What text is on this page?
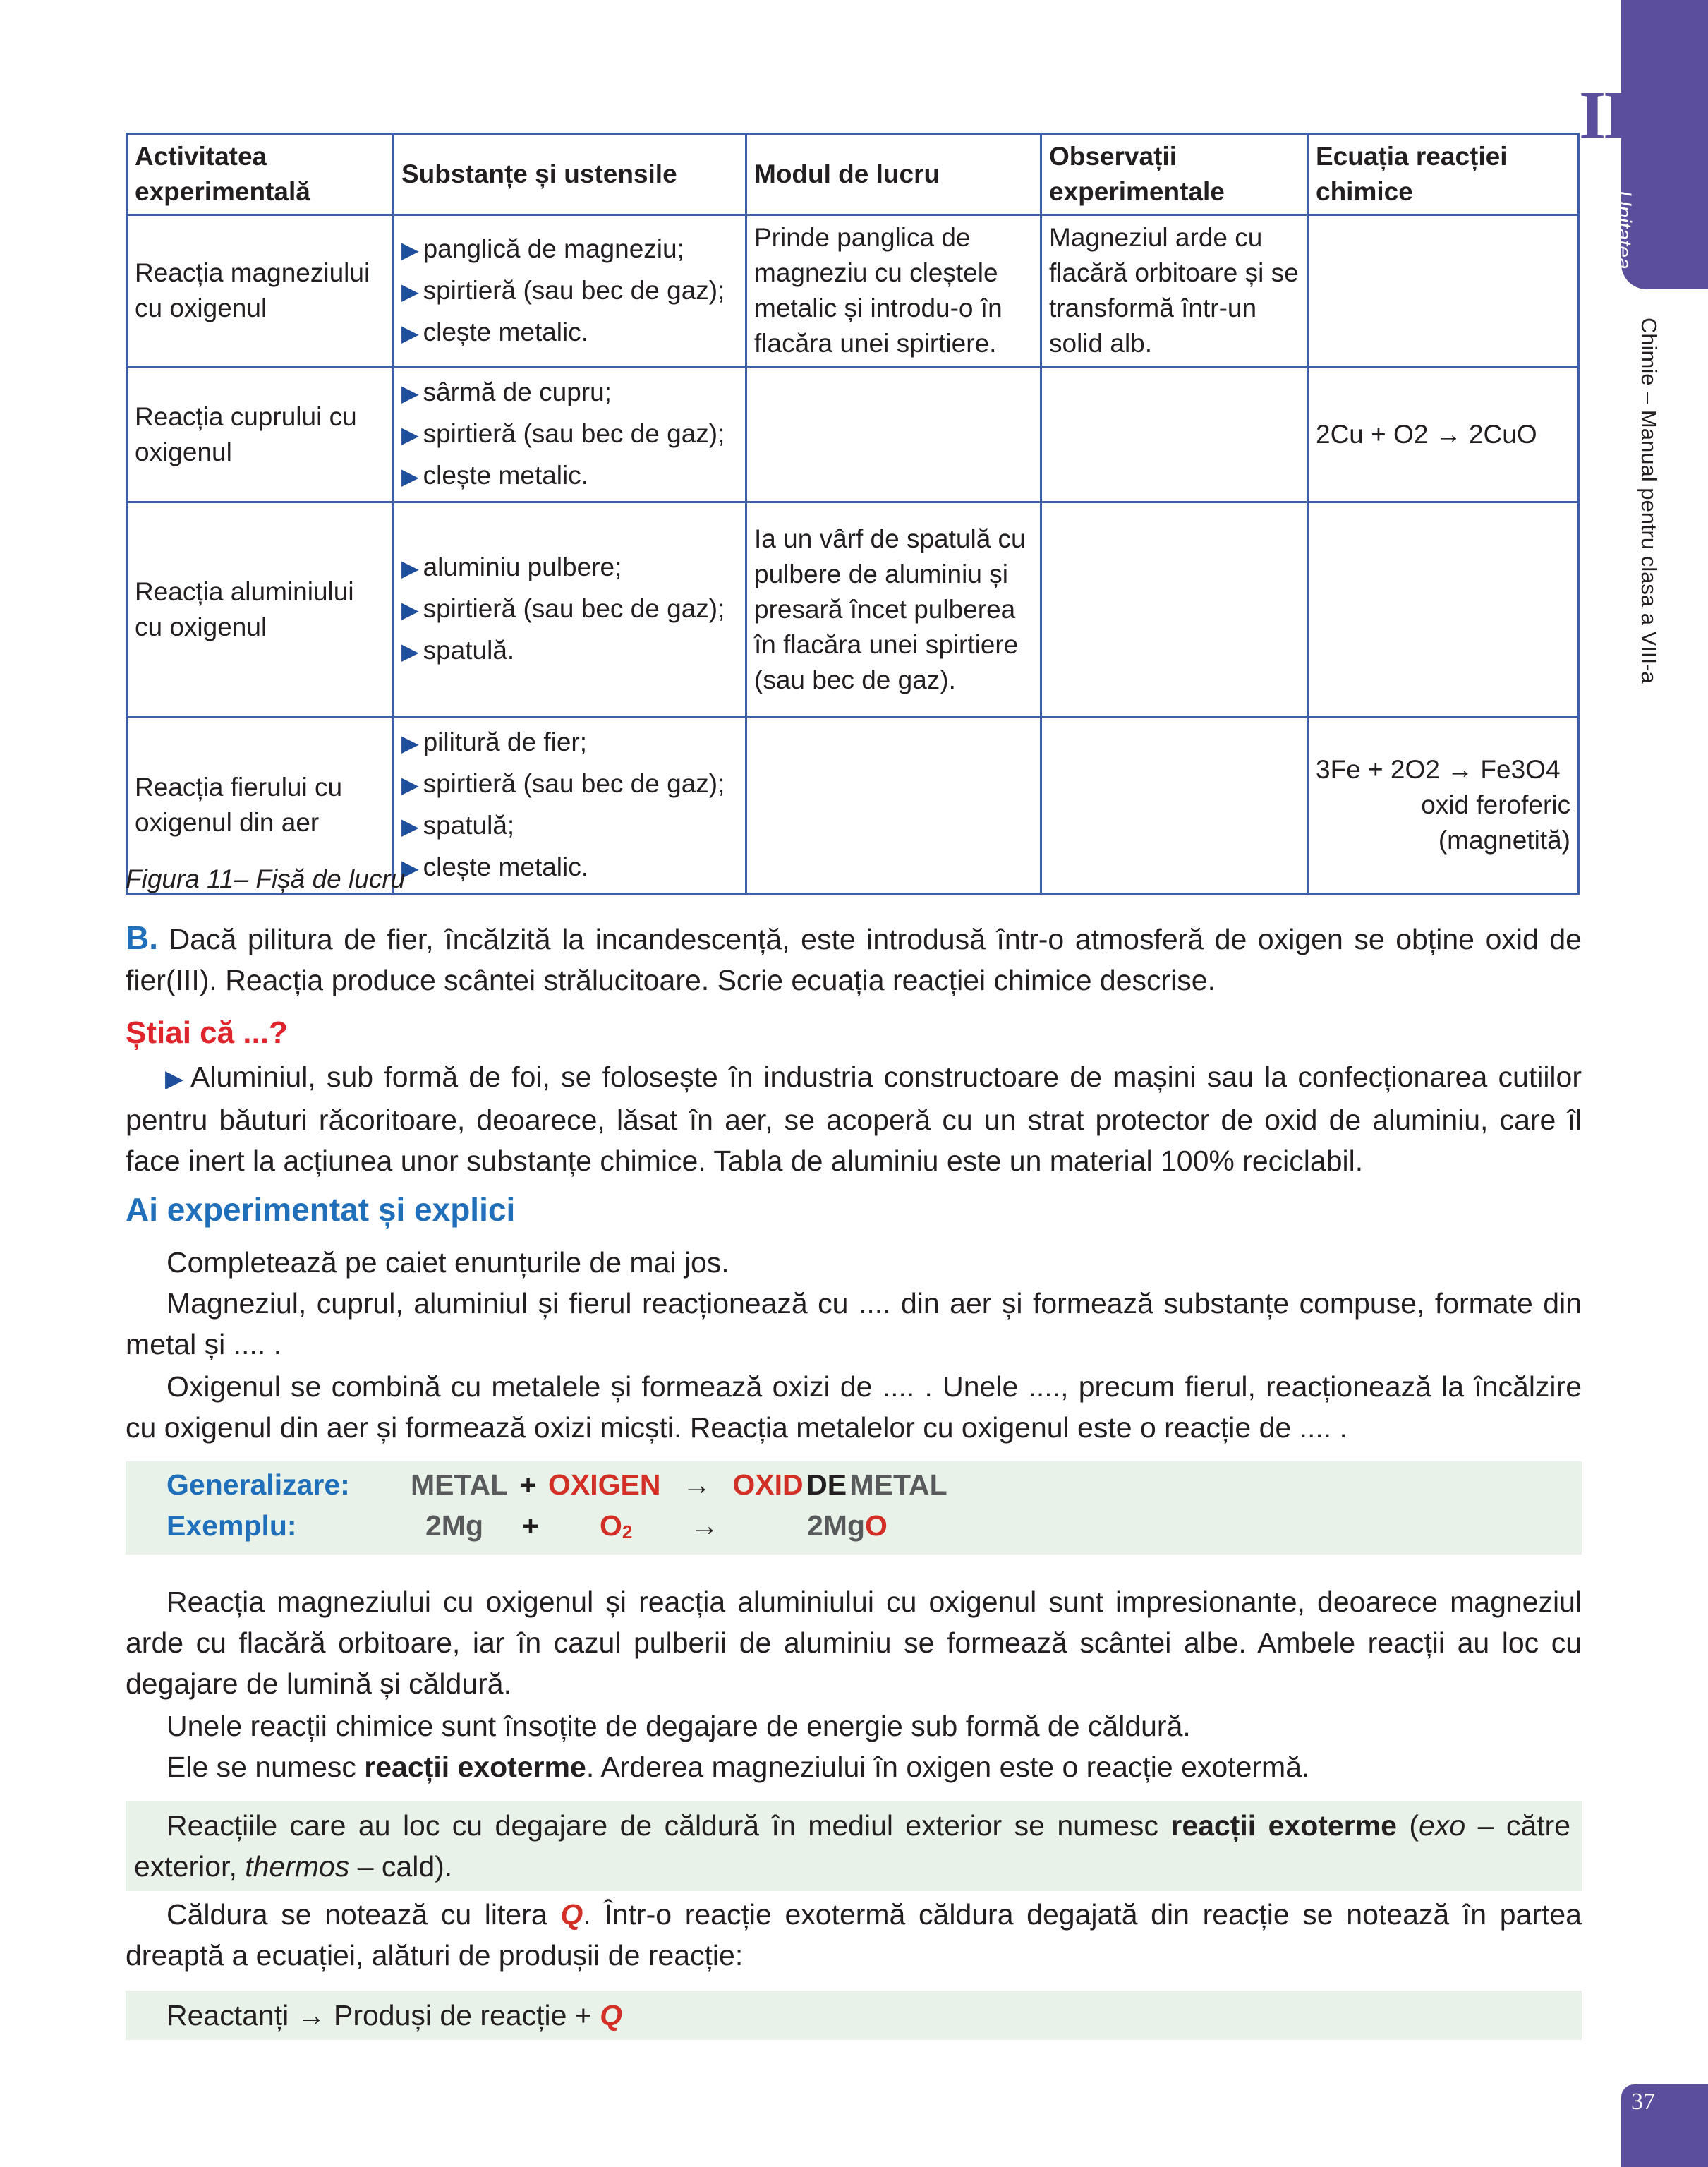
III
Unitatea
Chimie – Manual pentru clasa a VIII-a
37
Activitatea experimentală	Substanțe și ustensile	Modul de lucru	Observații experimentale	Ecuația reacției chimice
Reacția magneziului cu oxigenul	▶ panglică de magneziu;
▶ spirtieră (sau bec de gaz);
▶ clește metalic.	Prinde panglica de magneziu cu cleștele metalic și introdu-o în flacăra unei spirtiere.	Magneziul arde cu flacără orbitoare și se transformă într-un solid alb.	
Reacția cuprului cu oxigenul	▶ sârmă de cupru;
▶ spirtieră (sau bec de gaz);
▶ clește metalic.			2Cu + O2 → 2CuO
Reacția aluminiului cu oxigenul	▶ aluminiu pulbere;
▶ spirtieră (sau bec de gaz);
▶ spatulă.	Ia un vârf de spatulă cu pulbere de aluminiu și presară încet pulberea în flacăra unei spirtiere (sau bec de gaz).		
Reacția fierului cu oxigenul din aer	▶ pilitură de fier;
▶ spirtieră (sau bec de gaz);
▶ spatulă;
▶ clește metalic.			3Fe + 2O2 → Fe3O4
oxid feroferic
(magnetită)
Figura 11– Fișă de lucru
B. Dacă pilitura de fier, încălzită la incandescență, este introdusă într-o atmosferă de oxigen se obține oxid de fier(III). Reacția produce scântei strălucitoare. Scrie ecuația reacției chimice descrise.
Știai că ...?
▶ Aluminiul, sub formă de foi, se folosește în industria constructoare de mașini sau la confecționarea cutiilor pentru băuturi răcoritoare, deoarece, lăsat în aer, se acoperă cu un strat protector de oxid de aluminiu, care îl face inert la acțiunea unor substanțe chimice. Tabla de aluminiu este un material 100% reciclabil.
Ai experimentat și explici
Completează pe caiet enunțurile de mai jos.
Magneziul, cuprul, aluminiul și fierul reacționează cu .... din aer și formează substanțe compuse, formate din metal și .... .
Oxigenul se combină cu metalele și formează oxizi de .... . Unele ...., precum fierul, reacționează la încălzire cu oxigenul din aer și formează oxizi micști. Reacția metalelor cu oxigenul este o reacție de .... .
Generalizare: METAL + OXIGEN → OXID DE METAL
Exemplu:	$2Mg + O_2$ →	2MgO
Reacția magneziului cu oxigenul și reacția aluminiului cu oxigenul sunt impresionante, deoarece magneziul arde cu flacără orbitoare, iar în cazul pulberii de aluminiu se formează scântei albe. Ambele reacții au loc cu degajare de lumină și căldură.
Unele reacții chimice sunt însoțite de degajare de energie sub formă de căldură.
Ele se numesc reacții exoterme. Arderea magneziului în oxigen este o reacție exotermă.
Reacțiile care au loc cu degajare de căldură în mediul exterior se numesc reacții exoterme (exo – către exterior, thermos – cald).
Căldura se notează cu litera Q. Într-o reacție exotermă căldura degajată din reacție se notează în partea dreaptă a ecuației, alături de produșii de reacție:
Reactanți → Produși de reacție + Q
